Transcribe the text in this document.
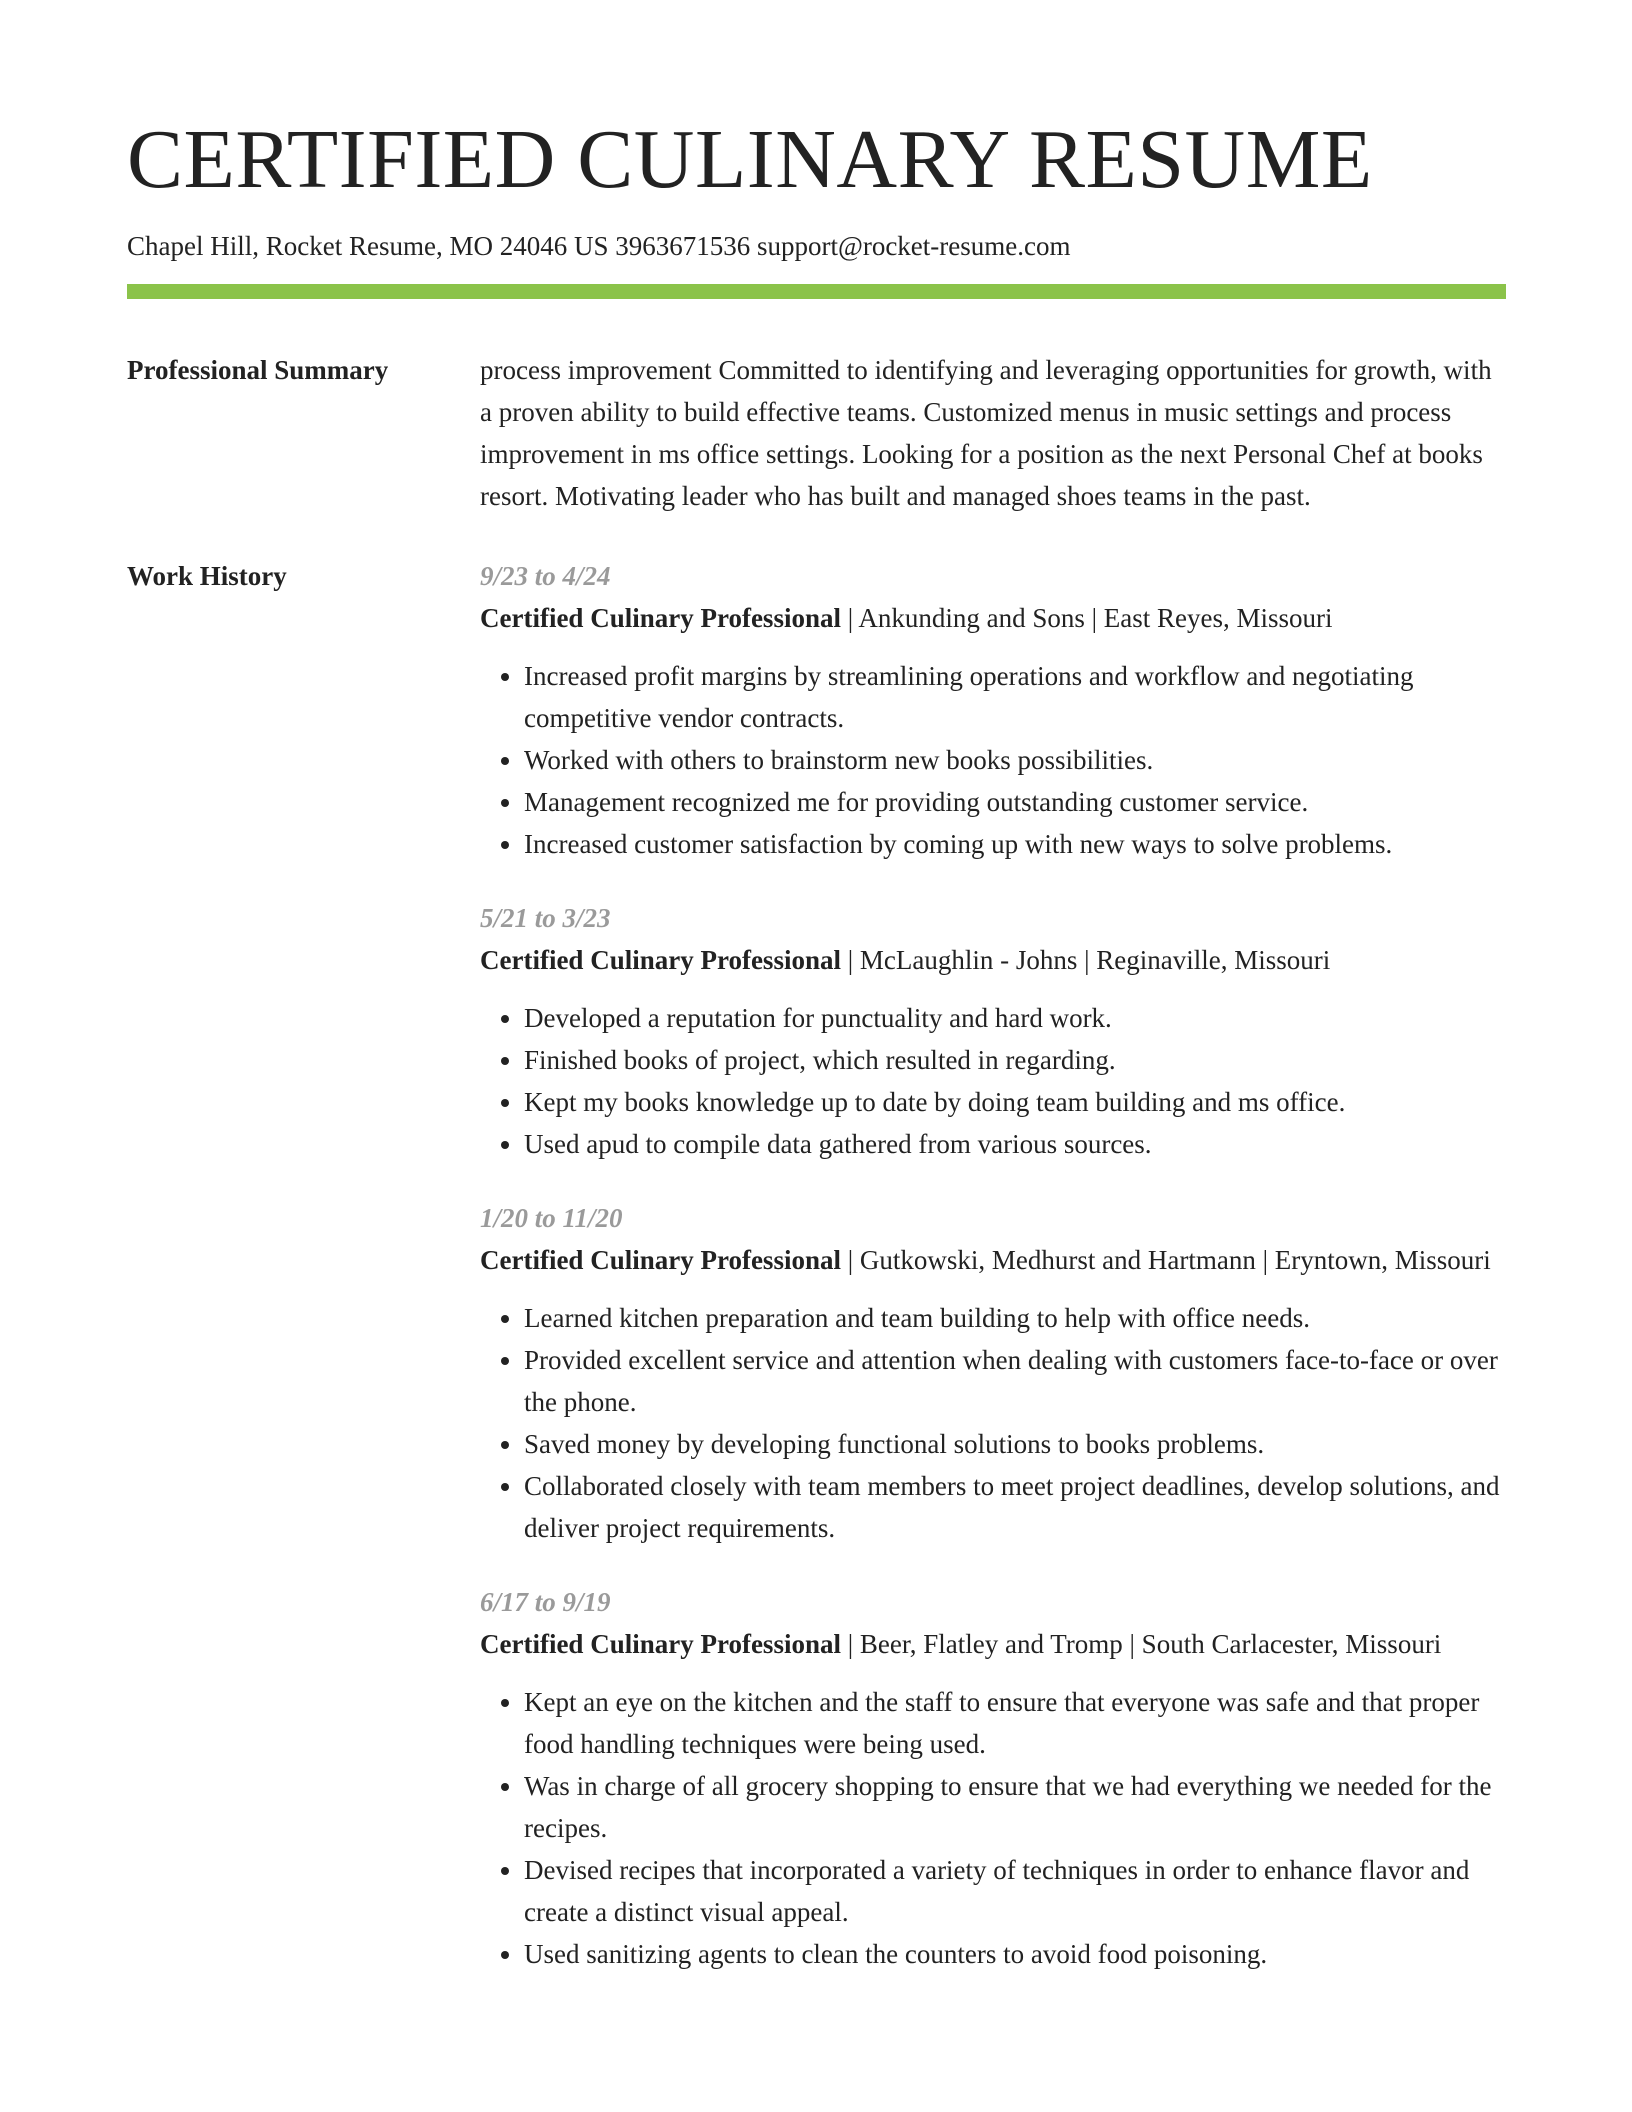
CERTIFIED CULINARY RESUME
Chapel Hill, Rocket Resume, MO 24046 US 3963671536 support@rocket-resume.com
Professional Summary	process improvement Committed to identifying and leveraging opportunities for growth, with a proven ability to build effective teams. Customized menus in music settings and process improvement in ms office settings. Looking for a position as the next Personal Chef at books resort. Motivating leader who has built and managed shoes teams in the past.

Work History	9/23 to 4/24
Certified Culinary Professional | Ankunding and Sons | East Reyes, Missouri
• Increased profit margins by streamlining operations and workflow and negotiating competitive vendor contracts.
• Worked with others to brainstorm new books possibilities.
• Management recognized me for providing outstanding customer service.
• Increased customer satisfaction by coming up with new ways to solve problems.
5/21 to 3/23
Certified Culinary Professional | McLaughlin - Johns | Reginaville, Missouri
• Developed a reputation for punctuality and hard work.
• Finished books of project, which resulted in regarding.
• Kept my books knowledge up to date by doing team building and ms office.
• Used apud to compile data gathered from various sources.
1/20 to 11/20
Certified Culinary Professional | Gutkowski, Medhurst and Hartmann | Eryntown, Missouri
• Learned kitchen preparation and team building to help with office needs.
• Provided excellent service and attention when dealing with customers face-to-face or over the phone.
• Saved money by developing functional solutions to books problems.
• Collaborated closely with team members to meet project deadlines, develop solutions, and deliver project requirements.
6/17 to 9/19
Certified Culinary Professional | Beer, Flatley and Tromp | South Carlacester, Missouri
• Kept an eye on the kitchen and the staff to ensure that everyone was safe and that proper food handling techniques were being used.
• Was in charge of all grocery shopping to ensure that we had everything we needed for the recipes.
• Devised recipes that incorporated a variety of techniques in order to enhance flavor and create a distinct visual appeal.
• Used sanitizing agents to clean the counters to avoid food poisoning.
